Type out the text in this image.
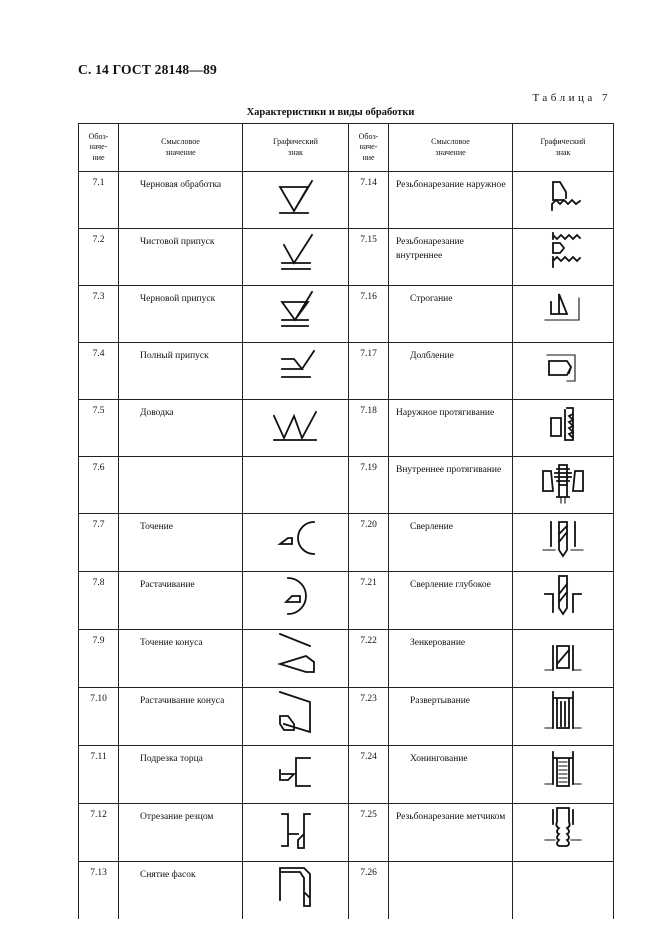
С. 14 ГОСТ 28148—89
Таблица 7
Характеристики и виды обработки
Обоз-
наче-
ние	Смысловое
значение	Графический
знак	Обоз-
наче-
ние	Смысловое
значение	Графический
знак
7.1	Черновая обработка		7.14	Резьбонарезание наружное	

7.2	Чистовой припуск		7.15	Резьбонарезание внутреннее	

7.3	Черновой припуск		7.16	Строгание	

7.4	Полный припуск		7.17	Долбление	

7.5	Доводка		7.18	Наружное протягивание	

7.6			7.19	Внутреннее протягивание	

7.7	Точение		7.20	Сверление	

7.8	Растачивание		7.21	Сверление глубокое	

7.9	Точение конуса		7.22	Зенкерование	

7.10	Растачивание конуса		7.23	Развертывание	

7.11	Подрезка торца		7.24	Хонингование	

7.12	Отрезание резцом		7.25	Резьбонарезание метчиком	

7.13	Снятие фасок		7.26		
